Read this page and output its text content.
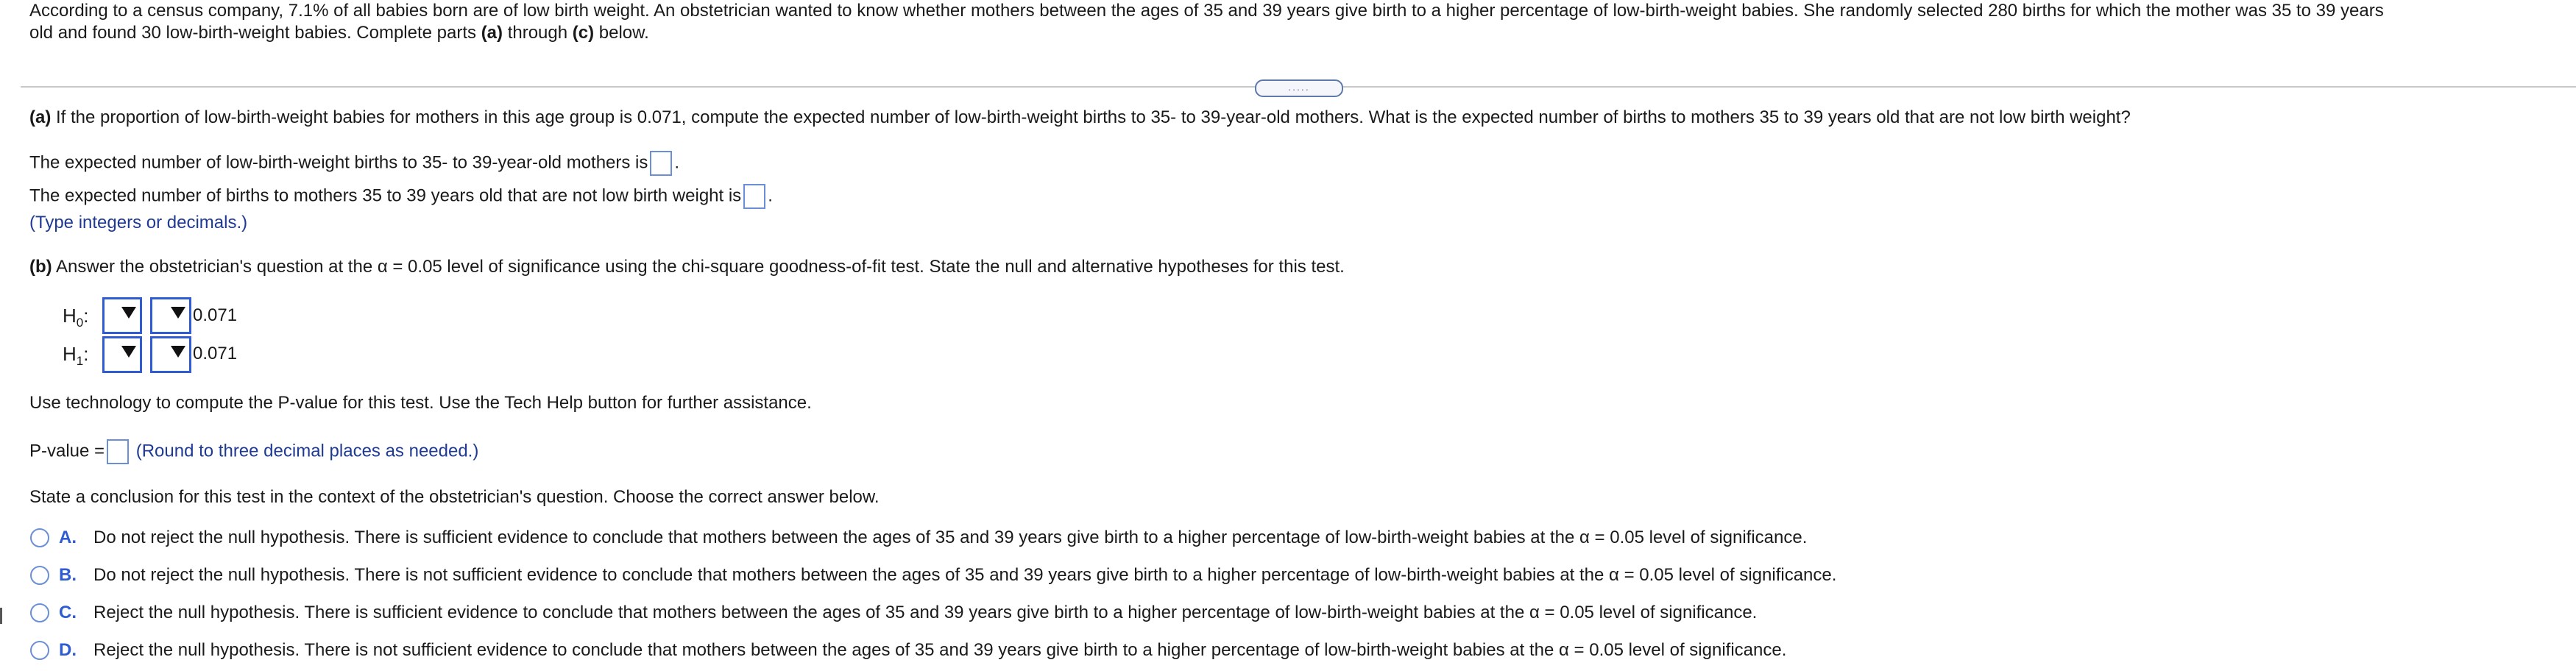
According to a census company, 7.1% of all babies born are of low birth weight. An obstetrician wanted to know whether mothers between the ages of 35 and 39 years give birth to a higher percentage of low-birth-weight babies. She randomly selected 280 births for which the mother was 35 to 39 years
old and found 30 low-birth-weight babies. Complete parts (a) through (c) below.
.....
(a) If the proportion of low-birth-weight babies for mothers in this age group is 0.071, compute the expected number of low-birth-weight births to 35- to 39-year-old mothers. What is the expected number of births to mothers 35 to 39 years old that are not low birth weight?
The expected number of low-birth-weight births to 35- to 39-year-old mothers is .
The expected number of births to mothers 35 to 39 years old that are not low birth weight is .
(Type integers or decimals.)
(b) Answer the obstetrician's question at the α = 0.05 level of significance using the chi-square goodness-of-fit test. State the null and alternative hypotheses for this test.
$H_0$:	0.071
$H_1$:	0.071
Use technology to compute the P-value for this test. Use the Tech Help button for further assistance.
P-value = (Round to three decimal places as needed.)
State a conclusion for this test in the context of the obstetrician's question. Choose the correct answer below.
A. Do not reject the null hypothesis. There is sufficient evidence to conclude that mothers between the ages of 35 and 39 years give birth to a higher percentage of low-birth-weight babies at the α = 0.05 level of significance.
B. Do not reject the null hypothesis. There is not sufficient evidence to conclude that mothers between the ages of 35 and 39 years give birth to a higher percentage of low-birth-weight babies at the α = 0.05 level of significance.
C. Reject the null hypothesis. There is sufficient evidence to conclude that mothers between the ages of 35 and 39 years give birth to a higher percentage of low-birth-weight babies at the α = 0.05 level of significance.
D. Reject the null hypothesis. There is not sufficient evidence to conclude that mothers between the ages of 35 and 39 years give birth to a higher percentage of low-birth-weight babies at the α = 0.05 level of significance.
